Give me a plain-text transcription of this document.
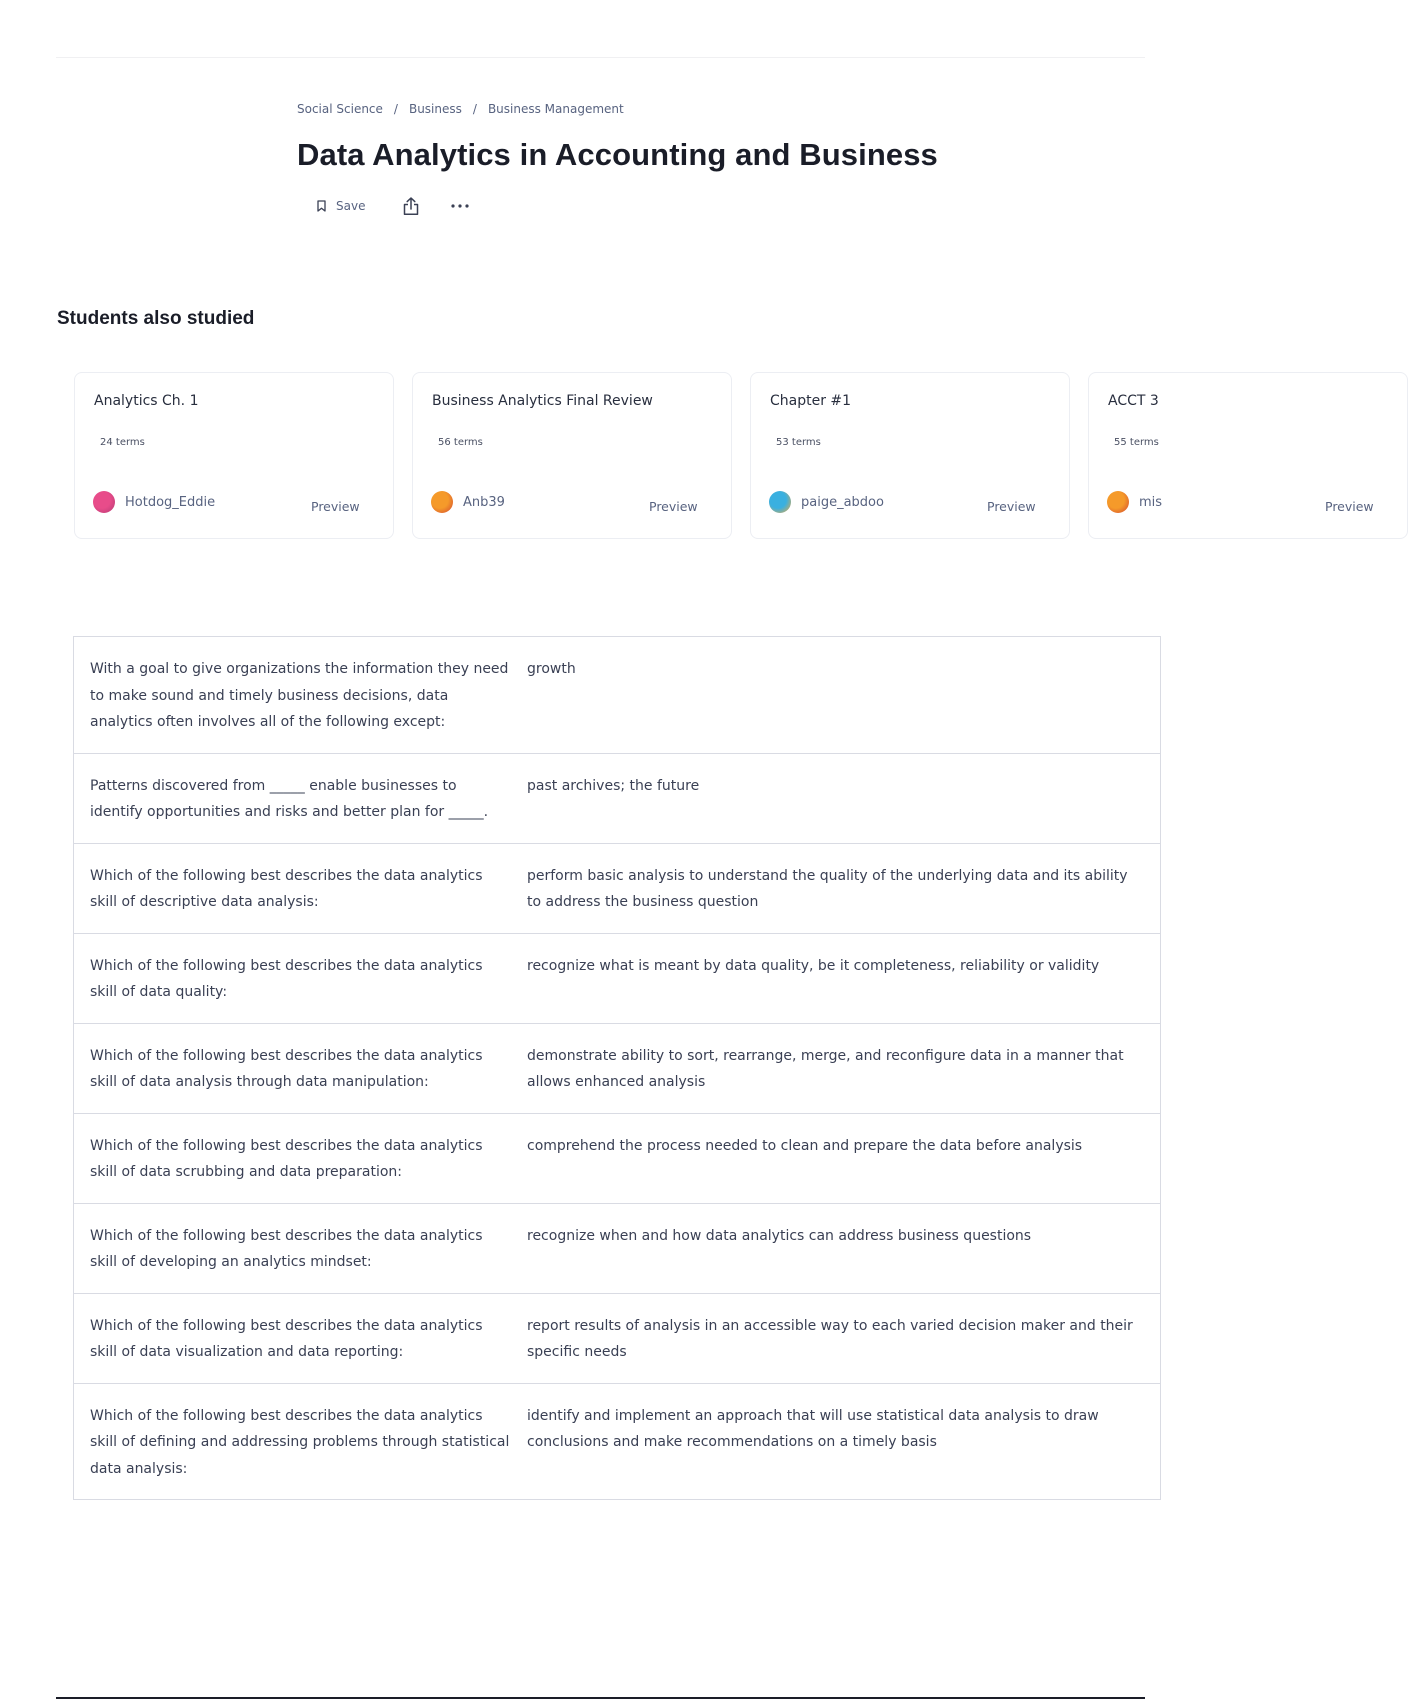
Social Science / Business / Business Management
Data Analytics in Accounting and Business
Save
Students also studied
Analytics Ch. 1
24 terms
Hotdog_Eddie	Preview
Business Analytics Final Review
56 terms
Anb39	Preview
Chapter #1
53 terms
paige_abdoo	Preview
ACCT 3
55 terms
mis	Preview
With a goal to give organizations the information they need to make sound and timely business decisions, data analytics often involves all of the following except:
growth
Patterns discovered from _____ enable businesses to identify opportunities and risks and better plan for _____.
past archives; the future
Which of the following best describes the data analytics skill of descriptive data analysis:
perform basic analysis to understand the quality of the underlying data and its ability to address the business question
Which of the following best describes the data analytics skill of data quality:
recognize what is meant by data quality, be it completeness, reliability or validity
Which of the following best describes the data analytics skill of data analysis through data manipulation:
demonstrate ability to sort, rearrange, merge, and reconfigure data in a manner that allows enhanced analysis
Which of the following best describes the data analytics skill of data scrubbing and data preparation:
comprehend the process needed to clean and prepare the data before analysis
Which of the following best describes the data analytics skill of developing an analytics mindset:
recognize when and how data analytics can address business questions
Which of the following best describes the data analytics skill of data visualization and data reporting:
report results of analysis in an accessible way to each varied decision maker and their specific needs
Which of the following best describes the data analytics skill of defining and addressing problems through statistical data analysis:
identify and implement an approach that will use statistical data analysis to draw conclusions and make recommendations on a timely basis
